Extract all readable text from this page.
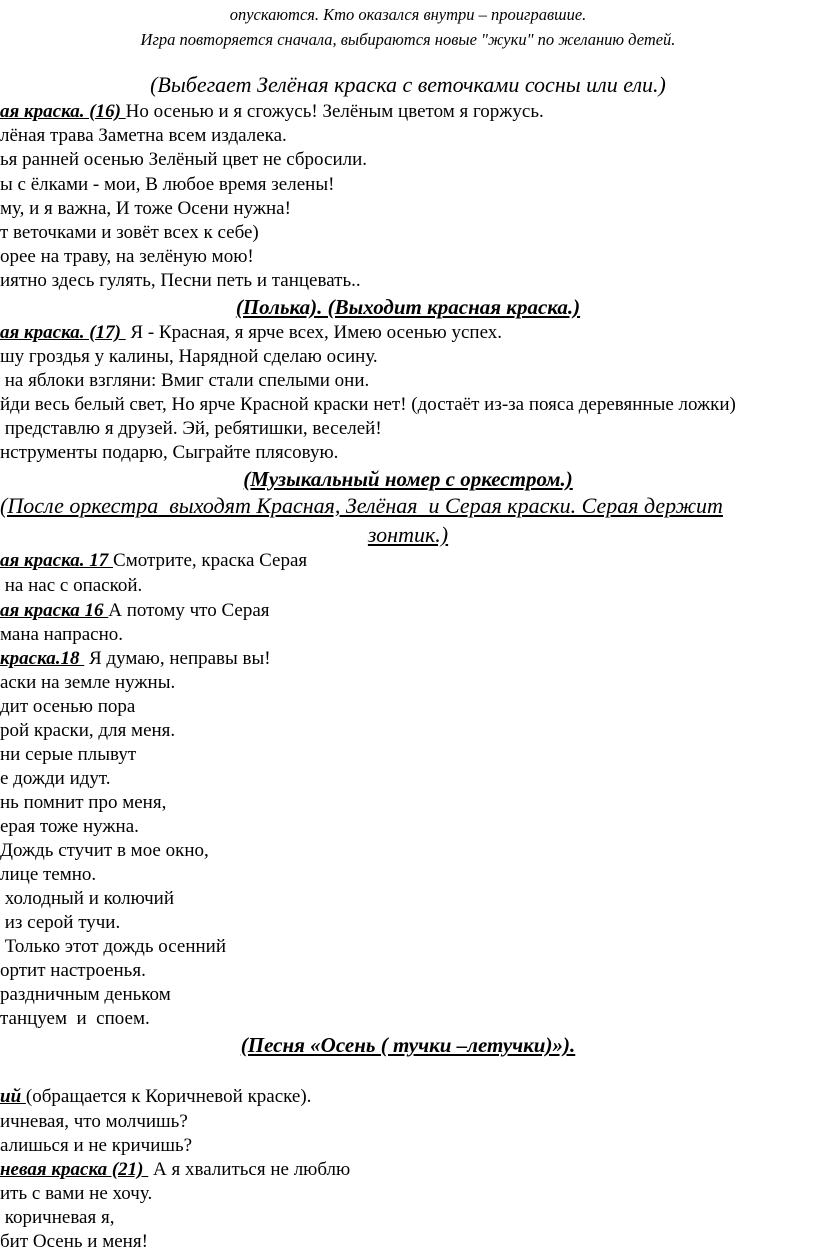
опускаются. Кто оказался внутри – проигравшие.
Игра повторяется сначала, выбираются новые "жуки" по желанию детей.
(Выбегает Зелёная краска с веточками сосны или ели.)
ая краска. (16) Но осенью и я сгожусь! Зелёным цветом я горжусь.
лёная трава Заметна всем издалека.
ья ранней осенью Зелёный цвет не сбросили.
ы с ёлками - мои, В любое время зелены!
му, и я важна, И тоже Осени нужна!
т веточками и зовёт всех к себе)
орее на траву, на зелёную мою!
иятно здесь гулять, Песни петь и танцевать..
(Полька). (Выходит красная краска.)
ая краска. (17)  Я - Красная, я ярче всех, Имею осенью успех.
шу гроздья у калины, Нарядной сделаю осину.
на яблоки взгляни: Вмиг стали спелыми они.
йди весь белый свет, Но ярче Красной краски нет! (достаёт из-за пояса деревянные ложки)
представлю я друзей. Эй, ребятишки, веселей!
нструменты подарю, Сыграйте плясовую.
(Музыкальный номер с оркестром.)
(После оркестра  выходят Красная, Зелёная  и Серая краски. Серая держит
зонтик.)
ая краска. 17 Смотрите, краска Серая
на нас с опаской.
ая краска 16 А потому что Серая
мана напрасно.
краска.18  Я думаю, неправы вы!
аски на земле нужны.
дит осенью пора
рой краски, для меня.
ни серые плывут
е дожди идут.
нь помнит про меня,
ерая тоже нужна.
Дождь стучит в мое окно,
лице темно.
холодный и колючий
из серой тучи.
Только этот дождь осенний
ортит настроенья.
раздничным деньком
танцуем  и  споем.
(Песня «Осень ( тучки –летучки)»).
ий (обращается к Коричневой краске).
ичневая, что молчишь?
алишься и не кричишь?
невая краска (21)  А я хвалиться не люблю
ить с вами не хочу.
коричневая я,
бит Осень и меня!
